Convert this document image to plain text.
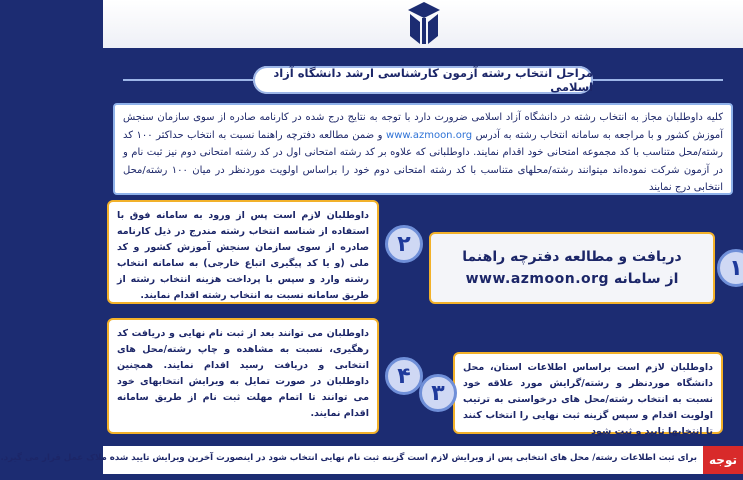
مراحل انتخاب رشته آزمون کارشناسی ارشد دانشگاه آزاد اسلامی
کلیه داوطلبان مجاز به انتخاب رشته در دانشگاه آزاد اسلامی ضرورت دارد با توجه به نتایج درج شده در کارنامه صادره از سوی سازمان سنجش آموزش کشور و با مراجعه به سامانه انتخاب رشته به آدرس www.azmoon.org و ضمن مطالعه دفترچه راهنما نسبت به انتخاب حداکثر ۱۰۰ کد رشته/محل متناسب با کد مجموعه امتحانی خود اقدام نمایند. داوطلبانی که علاوه بر کد رشته امتحانی اول در کد رشته امتحانی دوم نیز ثبت نام و در آزمون شرکت نموده‌اند میتوانند رشته/محلهای متناسب با کد رشته امتحانی دوم خود را براساس اولویت موردنظر در میان ۱۰۰ رشته/محل انتخابی درج نمایند
دریافت و مطالعه دفترچه راهنما
از سامانه www.azmoon.org	۱
داوطلبان لازم است پس از ورود به سامانه فوق با استفاده از شناسه انتخاب رشته مندرج در ذیل کارنامه صادره از سوی سازمان سنجش آموزش کشور و کد ملی (و یا کد پیگیری اتباع خارجی) به سامانه انتخاب رشته وارد و سپس با پرداخت هزینه انتخاب رشته از طریق سامانه نسبت به انتخاب رشته اقدام نمایند.
۲
داوطلبان لازم است براساس اطلاعات استان، محل دانشگاه موردنظر و رشته/گرایش مورد علاقه خود نسبت به انتخاب رشته/محل های درخواستی به ترتیب اولویت اقدام و سپس گزینه ثبت نهایی را انتخاب کنند تا انتخابها تایید و ثبت شود
۳
داوطلبان می توانند بعد از ثبت نام نهایی و دریافت کد رهگیری، نسبت به مشاهده و چاپ رشته/محل های انتخابی و دریافت رسید اقدام نمایند. همچنین داوطلبان در صورت تمایل به ویرایش انتخابهای خود می توانند تا اتمام مهلت ثبت نام از طریق سامانه اقدام نمایند.
۴
توجه
برای ثبت اطلاعات رشته/ محل های انتخابی پس از ویرایش لازم است گزینه ثبت نام نهایی انتخاب شود در اینصورت آخرین ویرایش تایید شده ملاک عمل قرار می گیرد.
